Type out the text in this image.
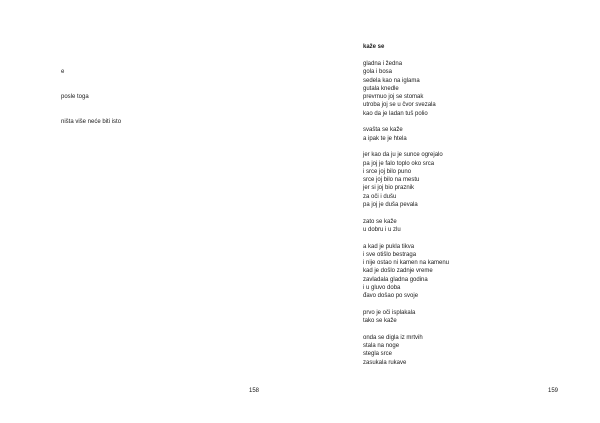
e

posle toga

ništa više neće biti isto

158
kaže se
gladna i žedna
gola i bosa
sedela kao na iglama
gutala knedle
prevrnuo joj se stomak
utroba joj se u čvor svezala
kao da je ladan tuš polio
svašta se kaže
a ipak te je htela
jer kao da ju je sunce ogrejalo
pa joj je falo toplo oko srca
i srce joj bilo puno
srce joj bilo na mestu
jer si joj bio praznik
za oči i dušu
pa joj je duša pevala
zato se kaže
u dobru i u zlu
a kad je pukla tikva
i sve otišlo bestraga
i nije ostao ni kamen na kamenu
kad je došlo zadnje vreme
zavladala gladna godina
i u gluvo doba
đavo došao po svoje
prvo je oči isplakala
tako se kaže
onda se digla iz mrtvih
stala na noge
stegla srce
zasukala rukave
159
